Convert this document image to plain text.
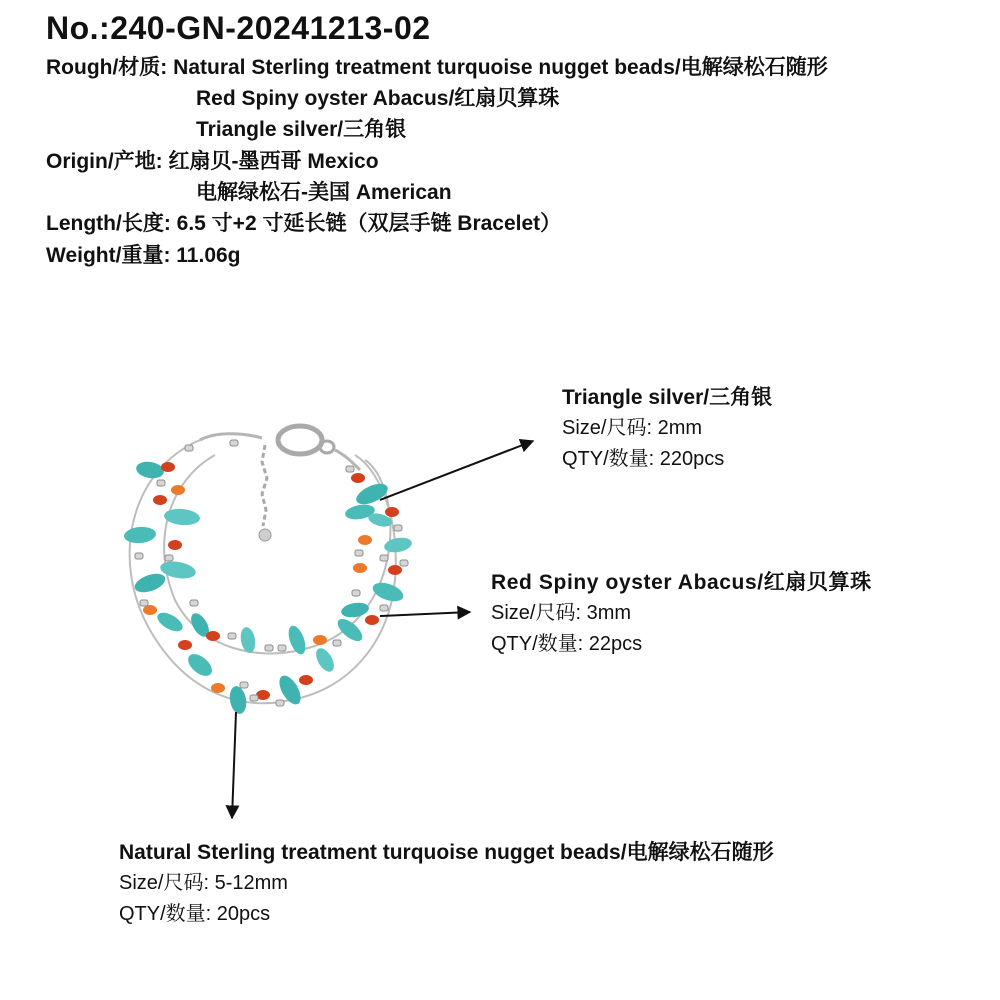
No.:240-GN-20241213-02
Rough/材质: Natural Sterling treatment turquoise nugget beads/电解绿松石随形
Red Spiny oyster Abacus/红扇贝算珠
Triangle silver/三角银
Origin/产地: 红扇贝-墨西哥 Mexico
电解绿松石-美国 American
Length/长度: 6.5 寸+2 寸延长链（双层手链 Bracelet）
Weight/重量: 11.06g
Triangle silver/三角银
Size/尺码: 2mm
QTY/数量: 220pcs
Red Spiny oyster Abacus/红扇贝算珠
Size/尺码: 3mm
QTY/数量: 22pcs
Natural Sterling treatment turquoise nugget beads/电解绿松石随形
Size/尺码: 5-12mm
QTY/数量: 20pcs
